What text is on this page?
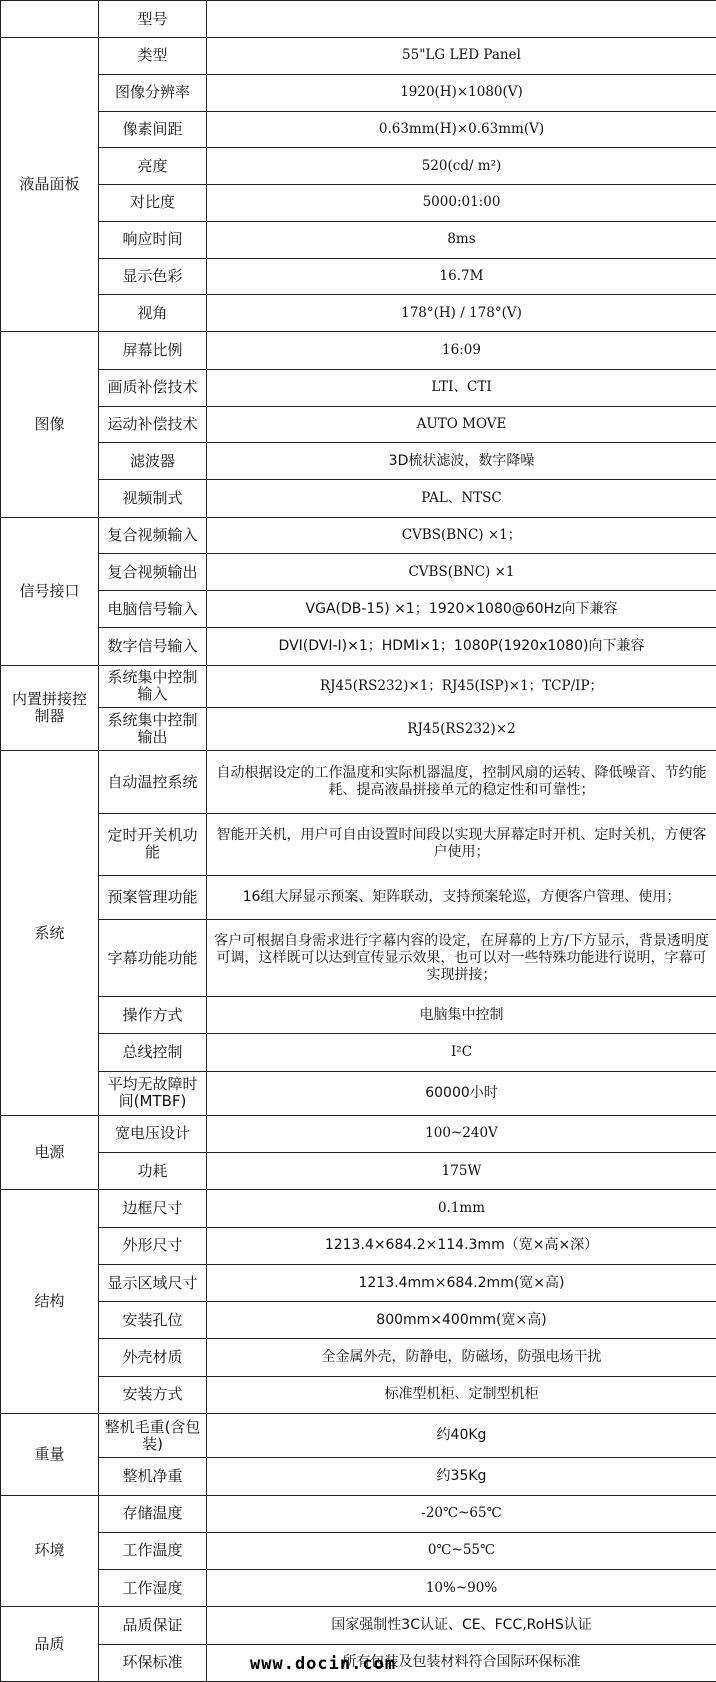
	型号	
液晶面板	类型	55"LG LED Panel
	图像分辨率	1920(H)×1080(V)
	像素间距	0.63mm(H)×0.63mm(V)
	亮度	520(cd/ m²)
	对比度	5000:01:00
	响应时间	8ms
	显示色彩	16.7M
	视角	178°(H) / 178°(V)
图像	屏幕比例	16:09
	画质补偿技术	LTI、CTI
	运动补偿技术	AUTO MOVE
	滤波器	3D梳状滤波，数字降噪
	视频制式	PAL、NTSC
信号接口	复合视频输入	CVBS(BNC) ×1；
	复合视频输出	CVBS(BNC) ×1
	电脑信号输入	VGA(DB-15) ×1；1920×1080@60Hz向下兼容
	数字信号输入	DVI(DVI-I)×1；HDMI×1；1080P(1920x1080)向下兼容
内置拼接控制器	系统集中控制输入	RJ45(RS232)×1；RJ45(ISP)×1；TCP/IP；
	系统集中控制输出	RJ45(RS232)×2
系统	自动温控系统	自动根据设定的工作温度和实际机器温度，控制风扇的运转、降低噪音、节约能耗、提高液晶拼接单元的稳定性和可靠性；
	定时开关机功能	智能开关机，用户可自由设置时间段以实现大屏幕定时开机、定时关机，方便客户使用；
	预案管理功能	16组大屏显示预案、矩阵联动，支持预案轮巡，方便客户管理、使用；
	字幕功能功能	客户可根据自身需求进行字幕内容的设定，在屏幕的上方/下方显示，背景透明度可调，这样既可以达到宣传显示效果，也可以对一些特殊功能进行说明，字幕可实现拼接；
	操作方式	电脑集中控制
	总线控制	I²C
	平均无故障时间(MTBF)	60000小时
电源	宽电压设计	100~240V
	功耗	175W
结构	边框尺寸	0.1mm
	外形尺寸	1213.4×684.2×114.3mm（宽×高×深）
	显示区域尺寸	1213.4mm×684.2mm(宽×高)
	安装孔位	800mm×400mm(宽×高)
	外壳材质	全金属外壳，防静电，防磁场，防强电场干扰
	安装方式	标准型机柜、定制型机柜
重量	整机毛重(含包装)	约40Kg
	整机净重	约35Kg
环境	存储温度	-20℃~65℃
	工作温度	0℃~55℃
	工作湿度	10%~90%
品质	品质保证	国家强制性3C认证、CE、FCC,RoHS认证
	环保标准	所有包装及包装材料符合国际环保标准
www.docin.com
